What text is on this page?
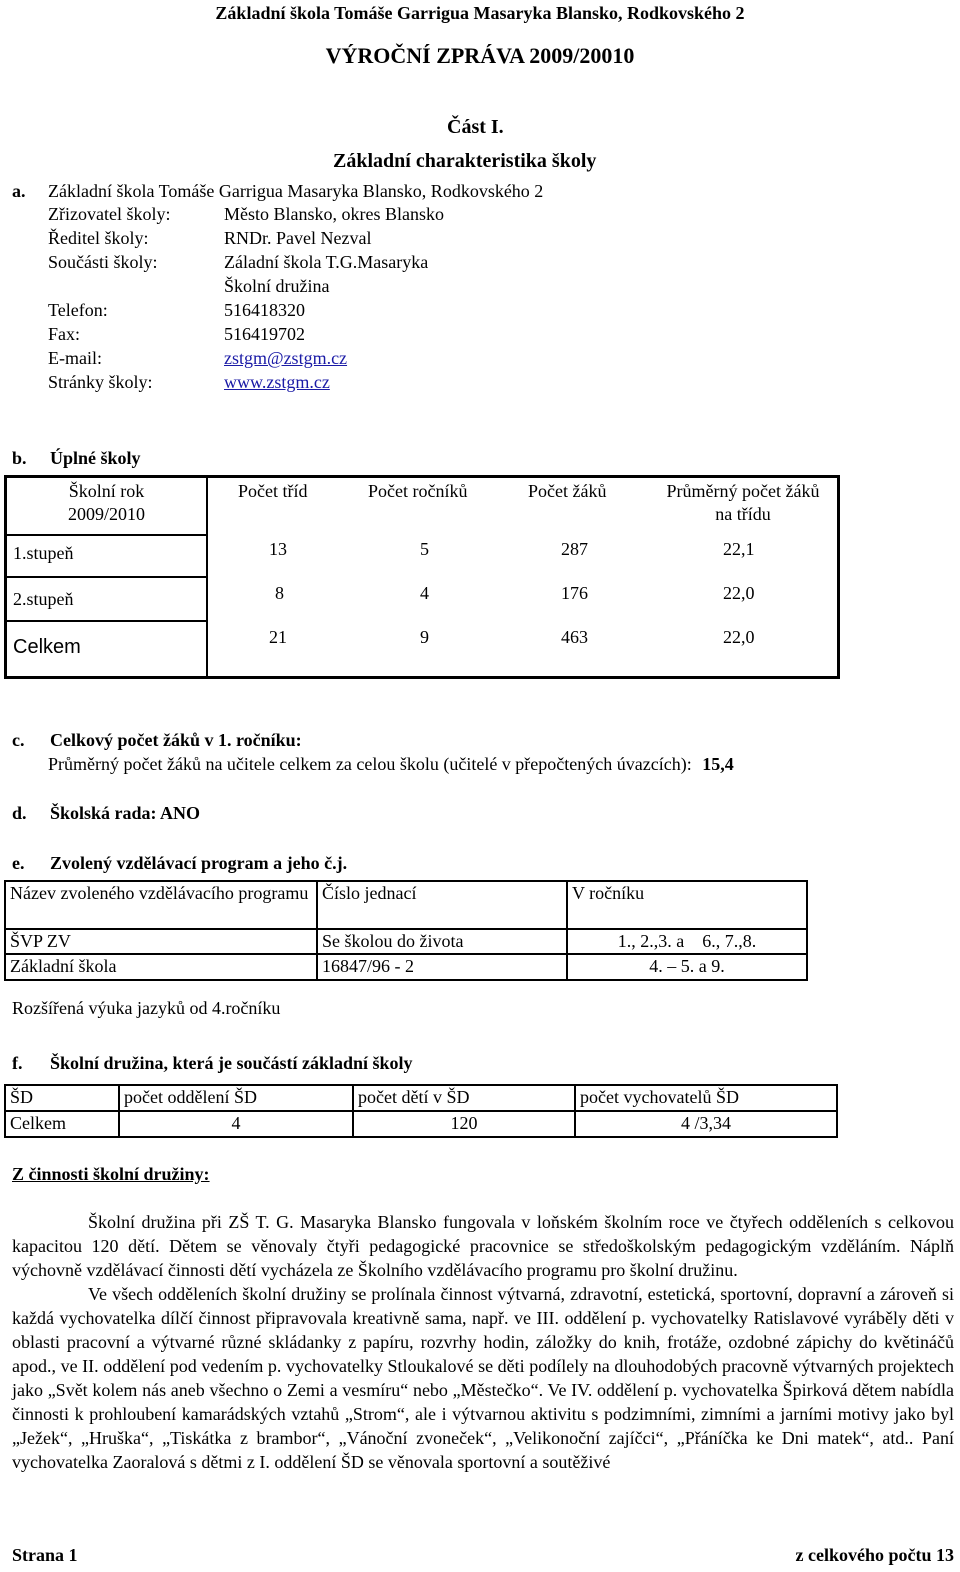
Základní škola Tomáše Garrigua Masaryka Blansko, Rodkovského 2
VÝROČNÍ ZPRÁVA 2009/20010
Část I.
Základní charakteristika školy
a. Základní škola Tomáše Garrigua Masaryka Blansko, Rodkovského 2
Zřizovatel školy:	Město Blansko, okres Blansko
Ředitel školy:	RNDr. Pavel Nezval
Součásti školy:	Záladní škola T.G.Masaryka
Školní družina
Telefon:	516418320
Fax:	516419702
E-mail:	zstgm@zstgm.cz
Stránky školy:	www.zstgm.cz
b. Úplné školy
Školní rok
2009/2010
Počet tříd	Počet ročníků	Počet žáků	Průměrný počet žáků
na třídu
1.stupeň	13	5	287	22,1
2.stupeň	8	4	176	22,0
Celkem	21	9	463	22,0
c. Celkový počet žáků v 1. ročníku:
Průměrný počet žáků na učitele celkem za celou školu (učitelé v přepočtených úvazcích): 15,4
d. Školská rada: ANO
e. Zvolený vzdělávací program a jeho č.j.
Název zvoleného vzdělávacího programu	Číslo jednací	V ročníku
ŠVP ZV	Se školou do života	1., 2.,3. a    6., 7.,8.
Základní škola	16847/96 - 2	4. – 5. a 9.
Rozšířená výuka jazyků od 4.ročníku
f. Školní družina, která je součástí základní školy
ŠD	počet oddělení ŠD	počet dětí v ŠD	počet vychovatelů ŠD
Celkem	4	120	4 /3,34
Z činnosti školní družiny:

Školní družina při ZŠ T. G. Masaryka Blansko fungovala v loňském školním roce ve čtyřech odděleních s celkovou kapacitou 120 dětí. Dětem se věnovaly čtyři pedagogické pracovnice se středoškolským pedagogickým vzděláním. Náplň výchovně vzdělávací činnosti dětí vycházela ze Školního vzdělávacího programu pro školní družinu.

Ve všech odděleních školní družiny se prolínala činnost výtvarná, zdravotní, estetická, sportovní, dopravní a zároveň si každá vychovatelka dílčí činnost připravovala kreativně sama, např. ve III. oddělení p. vychovatelky Ratislavové vyráběly děti v oblasti pracovní a výtvarné různé skládanky z papíru, rozvrhy hodin, záložky do knih, frotáže, ozdobné zápichy do květináčů apod., ve II. oddělení pod vedením p. vychovatelky Stloukalové se děti podílely na dlouhodobých pracovně výtvarných projektech jako „Svět kolem nás aneb všechno o Zemi a vesmíru“ nebo „Městečko“. Ve IV. oddělení p. vychovatelka Špirková dětem nabídla činnosti k prohloubení kamarádských vztahů „Strom“, ale i výtvarnou aktivitu s podzimními, zimními a jarními motivy jako byl „Ježek“, „Hruška“, „Tiskátka z brambor“, „Vánoční zvoneček“, „Velikonoční zajíčci“, „Přáníčka ke Dni matek“, atd.. Paní vychovatelka Zaoralová s dětmi z I. oddělení ŠD se věnovala sportovní a soutěživé

Strana 1	z celkového počtu 13
